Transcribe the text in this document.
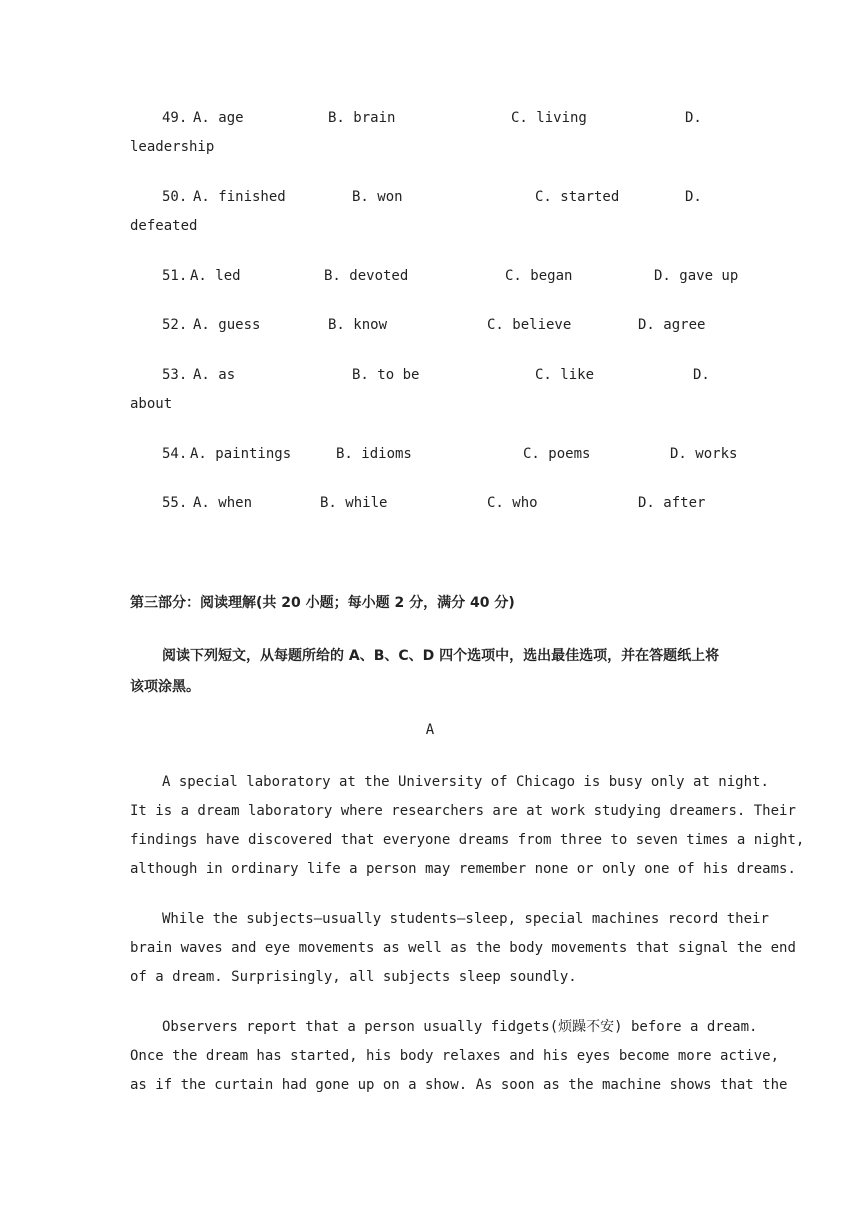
49. A. age	B. brain	C. living	D.
leadership
50. A. finished	B. won	C. started	D.
defeated
51. A. led	B. devoted	C. began	D. gave up
52. A. guess	B. know	C. believe	D. agree
53. A. as	B. to be	C. like	D.
about
54. A. paintings	B. idioms	C. poems	D. works
55. A. when	B. while	C. who	D. after
第三部分：阅读理解(共 20 小题；每小题 2 分，满分 40 分)
阅读下列短文，从每题所给的 A、B、C、D 四个选项中，选出最佳选项，并在答题纸上将该项涂黑。
A
A special laboratory at the University of Chicago is busy only at night.
It is a dream laboratory where researchers are at work studying dreamers. Their
findings have discovered that everyone dreams from three to seven times a night,
although in ordinary life a person may remember none or only one of his dreams.
While the subjects—usually students—sleep, special machines record their
brain waves and eye movements as well as the body movements that signal the end
of a dream. Surprisingly, all subjects sleep soundly.
Observers report that a person usually fidgets(烦躁不安) before a dream.
Once the dream has started, his body relaxes and his eyes become more active,
as if the curtain had gone up on a show. As soon as the machine shows that the
